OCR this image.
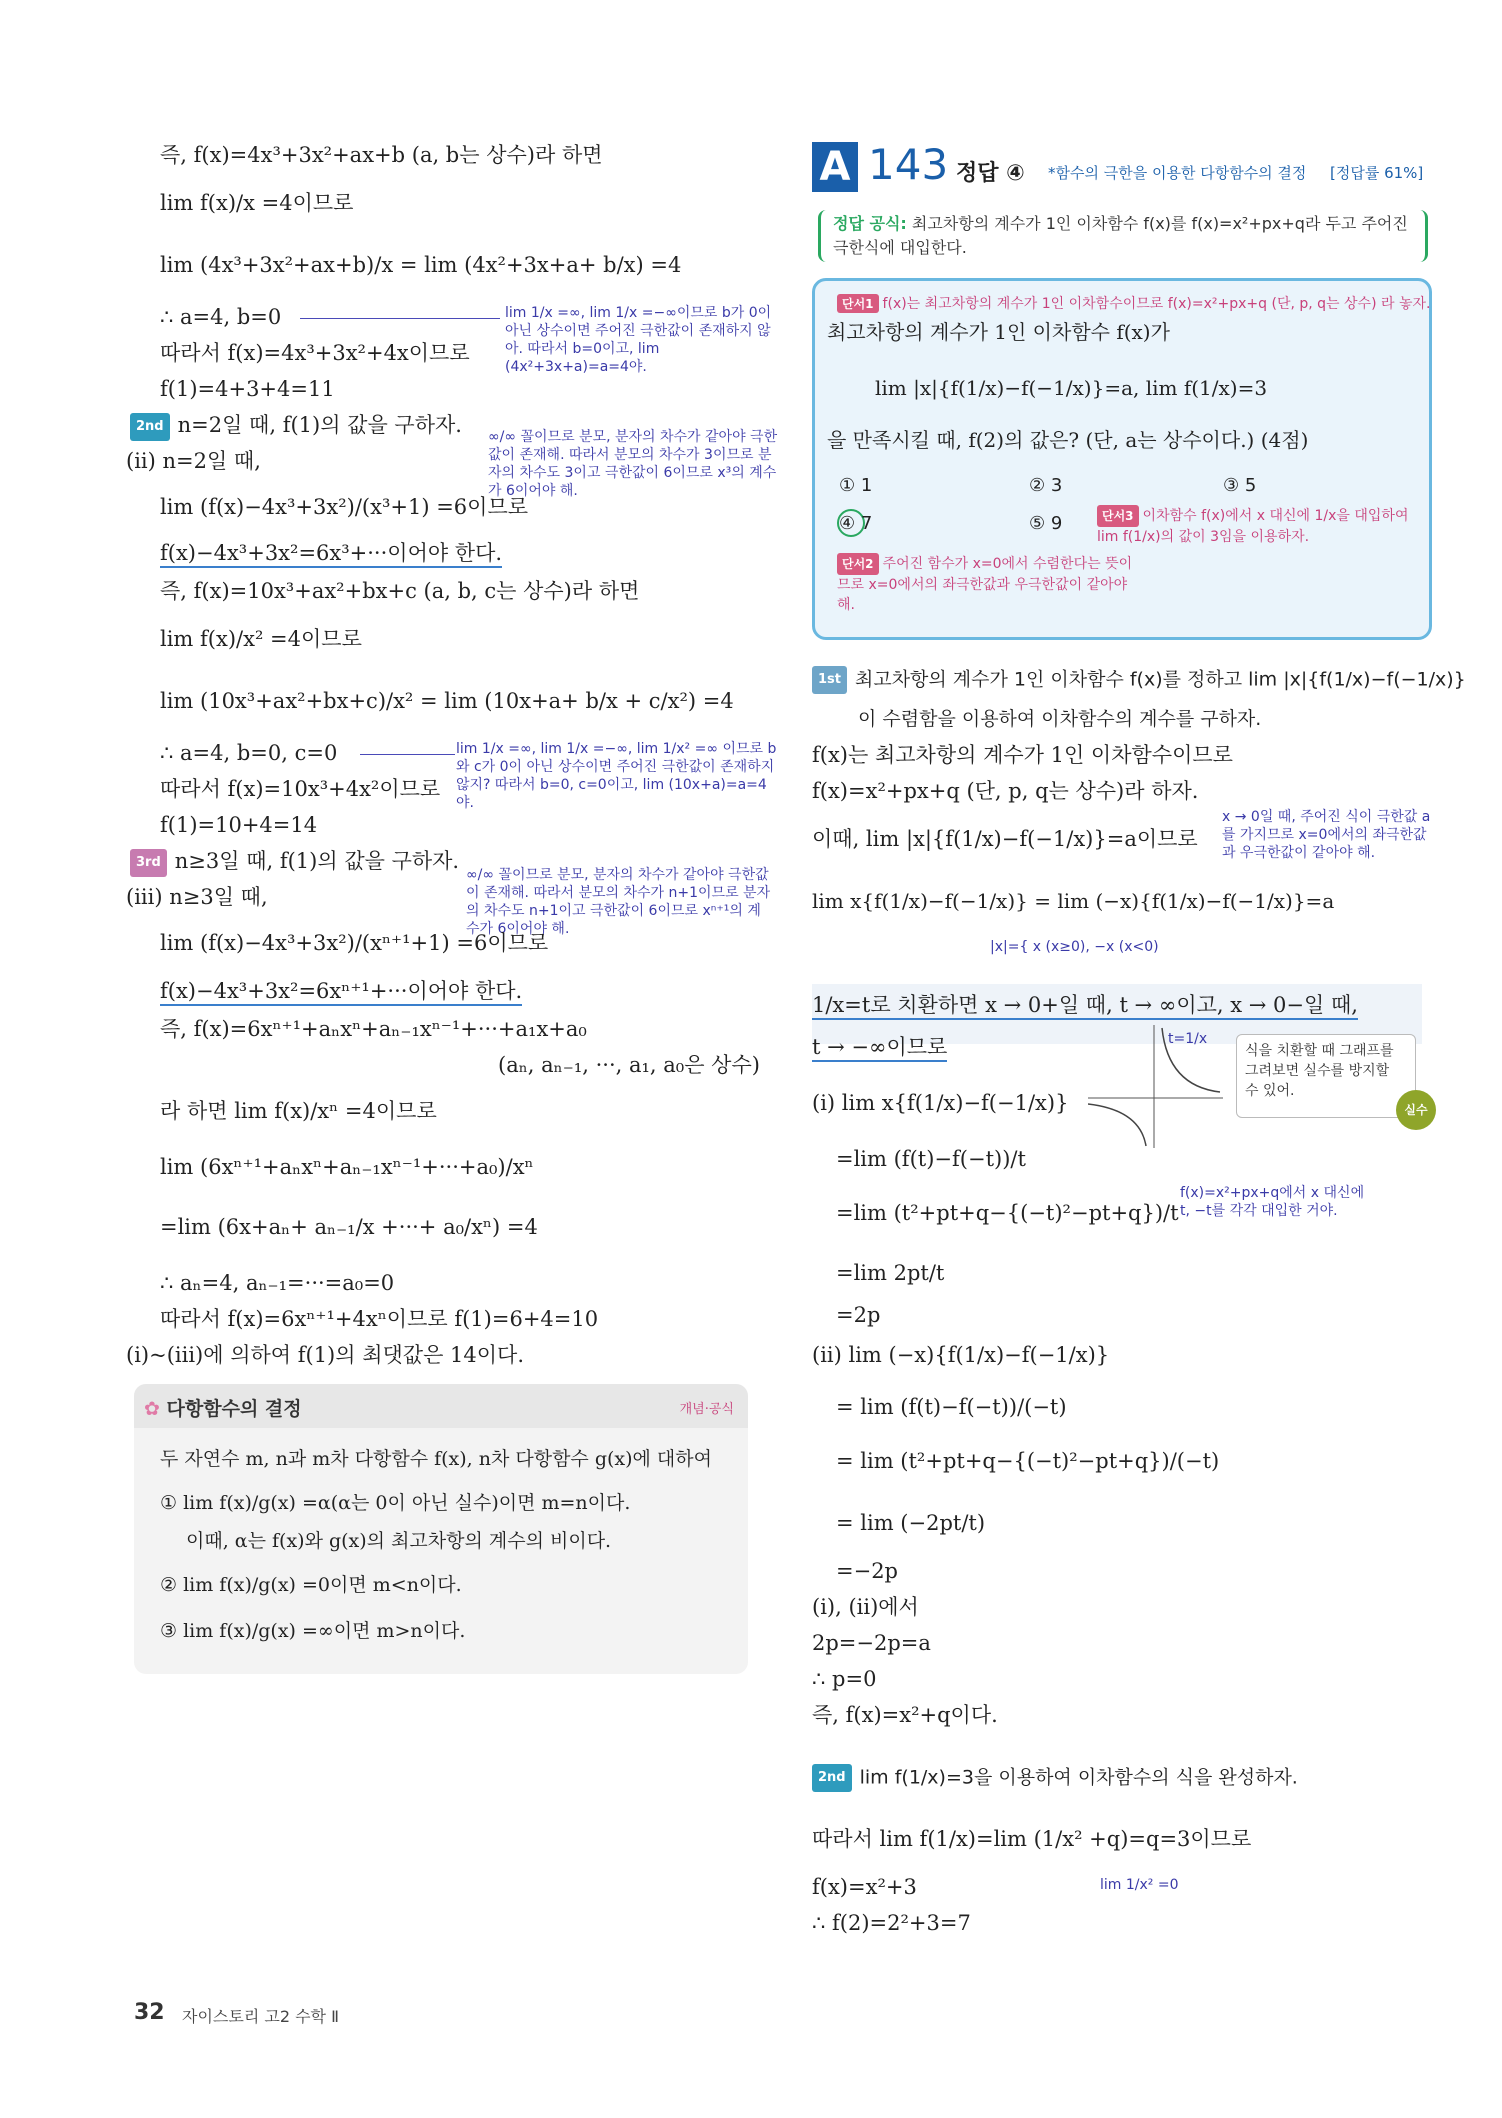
즉, f(x)=4x³+3x²+ax+b (a, b는 상수)라 하면
lim f(x)/x =4이므로
lim (4x³+3x²+ax+b)/x = lim (4x²+3x+a+ b/x) =4
∴ a=4, b=0	lim 1/x =∞, lim 1/x =−∞이므로 b가 0이 아닌 상수이면 주어진 극한값이 존재하지 않아. 따라서 b=0이고, lim (4x²+3x+a)=a=4야.
따라서 f(x)=4x³+3x²+4x이므로
f(1)=4+3+4=11
2nd n=2일 때, f(1)의 값을 구하자.
(ii) n=2일 때,
∞/∞ 꼴이므로 분모, 분자의 차수가 같아야 극한값이 존재해. 따라서 분모의 차수가 3이므로 분자의 차수도 3이고 극한값이 6이므로 x³의 계수가 6이어야 해.
lim (f(x)−4x³+3x²)/(x³+1) =6이므로
f(x)−4x³+3x²=6x³+···이어야 한다.
즉, f(x)=10x³+ax²+bx+c (a, b, c는 상수)라 하면
lim f(x)/x² =4이므로
lim (10x³+ax²+bx+c)/x² = lim (10x+a+ b/x + c/x²) =4
∴ a=4, b=0, c=0	lim 1/x =∞, lim 1/x =−∞, lim 1/x² =∞ 이므로 b와 c가 0이 아닌 상수이면 주어진 극한값이 존재하지 않지? 따라서 b=0, c=0이고, lim (10x+a)=a=4야.
따라서 f(x)=10x³+4x²이므로
f(1)=10+4=14
3rd n≥3일 때, f(1)의 값을 구하자.
(iii) n≥3일 때,
∞/∞ 꼴이므로 분모, 분자의 차수가 같아야 극한값이 존재해. 따라서 분모의 차수가 n+1이므로 분자의 차수도 n+1이고 극한값이 6이므로 xⁿ⁺¹의 계수가 6이어야 해.
lim (f(x)−4x³+3x²)/(xⁿ⁺¹+1) =6이므로
f(x)−4x³+3x²=6xⁿ⁺¹+···이어야 한다.
즉, f(x)=6xⁿ⁺¹+aₙxⁿ+aₙ₋₁xⁿ⁻¹+···+a₁x+a₀
(aₙ, aₙ₋₁, ···, a₁, a₀은 상수)
라 하면 lim f(x)/xⁿ =4이므로
lim (6xⁿ⁺¹+aₙxⁿ+aₙ₋₁xⁿ⁻¹+···+a₀)/xⁿ
=lim (6x+aₙ+ aₙ₋₁/x +···+ a₀/xⁿ) =4
∴ aₙ=4, aₙ₋₁=···=a₀=0
따라서 f(x)=6xⁿ⁺¹+4xⁿ이므로 f(1)=6+4=10
(i)~(iii)에 의하여 f(1)의 최댓값은 14이다.
✿ 다항함수의 결정	개념·공식
두 자연수 m, n과 m차 다항함수 f(x), n차 다항함수 g(x)에 대하여
① lim f(x)/g(x) =α(α는 0이 아닌 실수)이면 m=n이다.
이때, α는 f(x)와 g(x)의 최고차항의 계수의 비이다.
② lim f(x)/g(x) =0이면 m<n이다.
③ lim f(x)/g(x) =∞이면 m>n이다.
A 143 정답 ④ *함수의 극한을 이용한 다항함수의 결정 [정답률 61%]
정답 공식: 최고차항의 계수가 1인 이차함수 f(x)를 f(x)=x²+px+q라 두고 주어진 극한식에 대입한다.
단서1 f(x)는 최고차항의 계수가 1인 이차함수이므로 f(x)=x²+px+q (단, p, q는 상수) 라 놓자.
최고차항의 계수가 1인 이차함수 f(x)가
lim |x|{f(1/x)−f(−1/x)}=a, lim f(1/x)=3
을 만족시킬 때, f(2)의 값은? (단, a는 상수이다.) (4점)
① 1	② 3	③ 5
④ 7	⑤ 9	단서3 이차함수 f(x)에서 x 대신에 1/x을 대입하여 lim f(1/x)의 값이 3임을 이용하자.
단서2 주어진 함수가 x=0에서 수렴한다는 뜻이므로 x=0에서의 좌극한값과 우극한값이 같아야 해.
1st 최고차항의 계수가 1인 이차함수 f(x)를 정하고 lim |x|{f(1/x)−f(−1/x)}
이 수렴함을 이용하여 이차함수의 계수를 구하자.
f(x)는 최고차항의 계수가 1인 이차함수이므로
f(x)=x²+px+q (단, p, q는 상수)라 하자.
이때, lim |x|{f(1/x)−f(−1/x)}=a이므로
x → 0일 때, 주어진 식이 극한값 a를 가지므로 x=0에서의 좌극한값과 우극한값이 같아야 해.
lim x{f(1/x)−f(−1/x)} = lim (−x){f(1/x)−f(−1/x)}=a
|x|={ x (x≥0), −x (x<0)
1/x=t로 치환하면 x → 0+일 때, t → ∞이고, x → 0−일 때,
t → −∞이므로	t=1/x
식을 치환할 때 그래프를 그려보면 실수를 방지할 수 있어.
실수
(i) lim x{f(1/x)−f(−1/x)}
=lim (f(t)−f(−t))/t
=lim (t²+pt+q−{(−t)²−pt+q})/t
f(x)=x²+px+q에서 x 대신에 t, −t를 각각 대입한 거야.
=lim 2pt/t
=2p
(ii) lim (−x){f(1/x)−f(−1/x)}
= lim (f(t)−f(−t))/(−t)
= lim (t²+pt+q−{(−t)²−pt+q})/(−t)
= lim (−2pt/t)
=−2p
(i), (ii)에서
2p=−2p=a
∴ p=0
즉, f(x)=x²+q이다.
2nd lim f(1/x)=3을 이용하여 이차함수의 식을 완성하자.
따라서 lim f(1/x)=lim (1/x² +q)=q=3이므로
f(x)=x²+3	lim 1/x² =0
∴ f(2)=2²+3=7
32 자이스토리 고2 수학 Ⅱ
